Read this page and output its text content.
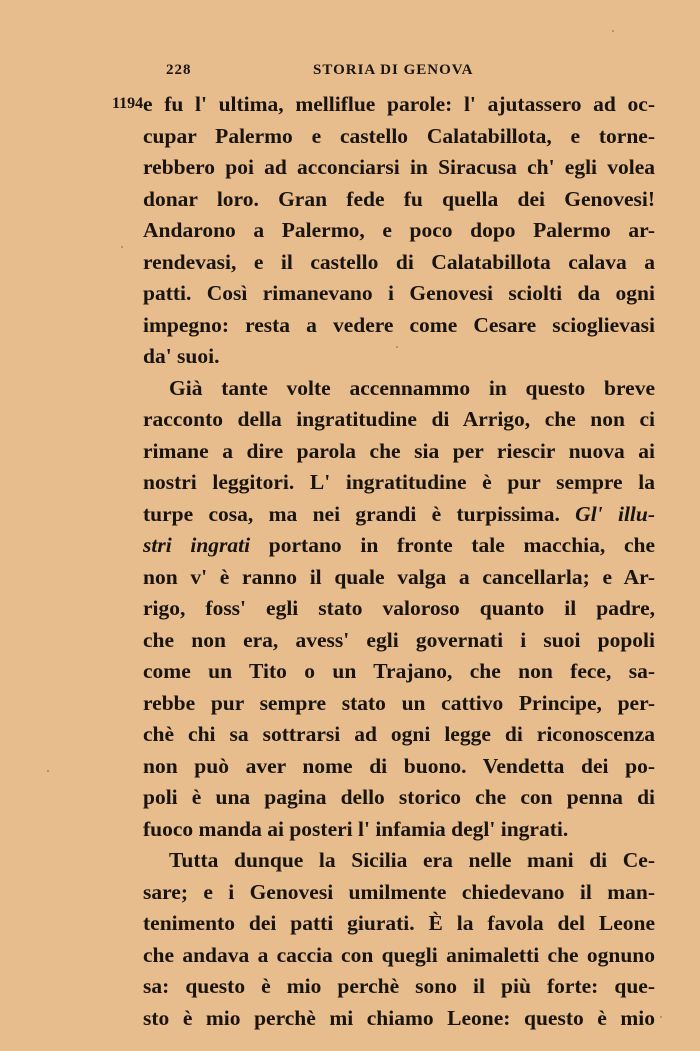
228	STORIA DI GENOVA
1194 e fu l' ultima, melliflue parole: l' ajutassero ad oc-
cupar Palermo e castello Calatabillota, e torne-
rebbero poi ad acconciarsi in Siracusa ch' egli volea
donar loro. Gran fede fu quella dei Genovesi!
Andarono a Palermo, e poco dopo Palermo ar-
rendevasi, e il castello di Calatabillota calava a
patti. Così rimanevano i Genovesi sciolti da ogni
impegno: resta a vedere come Cesare scioglievasi
da' suoi.
Già tante volte accennammo in questo breve
racconto della ingratitudine di Arrigo, che non ci
rimane a dire parola che sia per riescir nuova ai
nostri leggitori. L' ingratitudine è pur sempre la
turpe cosa, ma nei grandi è turpissima. Gl' illu-
stri ingrati portano in fronte tale macchia, che
non v' è ranno il quale valga a cancellarla; e Ar-
rigo, foss' egli stato valoroso quanto il padre,
che non era, avess' egli governati i suoi popoli
come un Tito o un Trajano, che non fece, sa-
rebbe pur sempre stato un cattivo Principe, per-
chè chi sa sottrarsi ad ogni legge di riconoscenza
non può aver nome di buono. Vendetta dei po-
poli è una pagina dello storico che con penna di
fuoco manda ai posteri l' infamia degl' ingrati.
Tutta dunque la Sicilia era nelle mani di Ce-
sare; e i Genovesi umilmente chiedevano il man-
tenimento dei patti giurati. È la favola del Leone
che andava a caccia con quegli animaletti che ognuno
sa: questo è mio perchè sono il più forte: que-
sto è mio perchè mi chiamo Leone: questo è mio
